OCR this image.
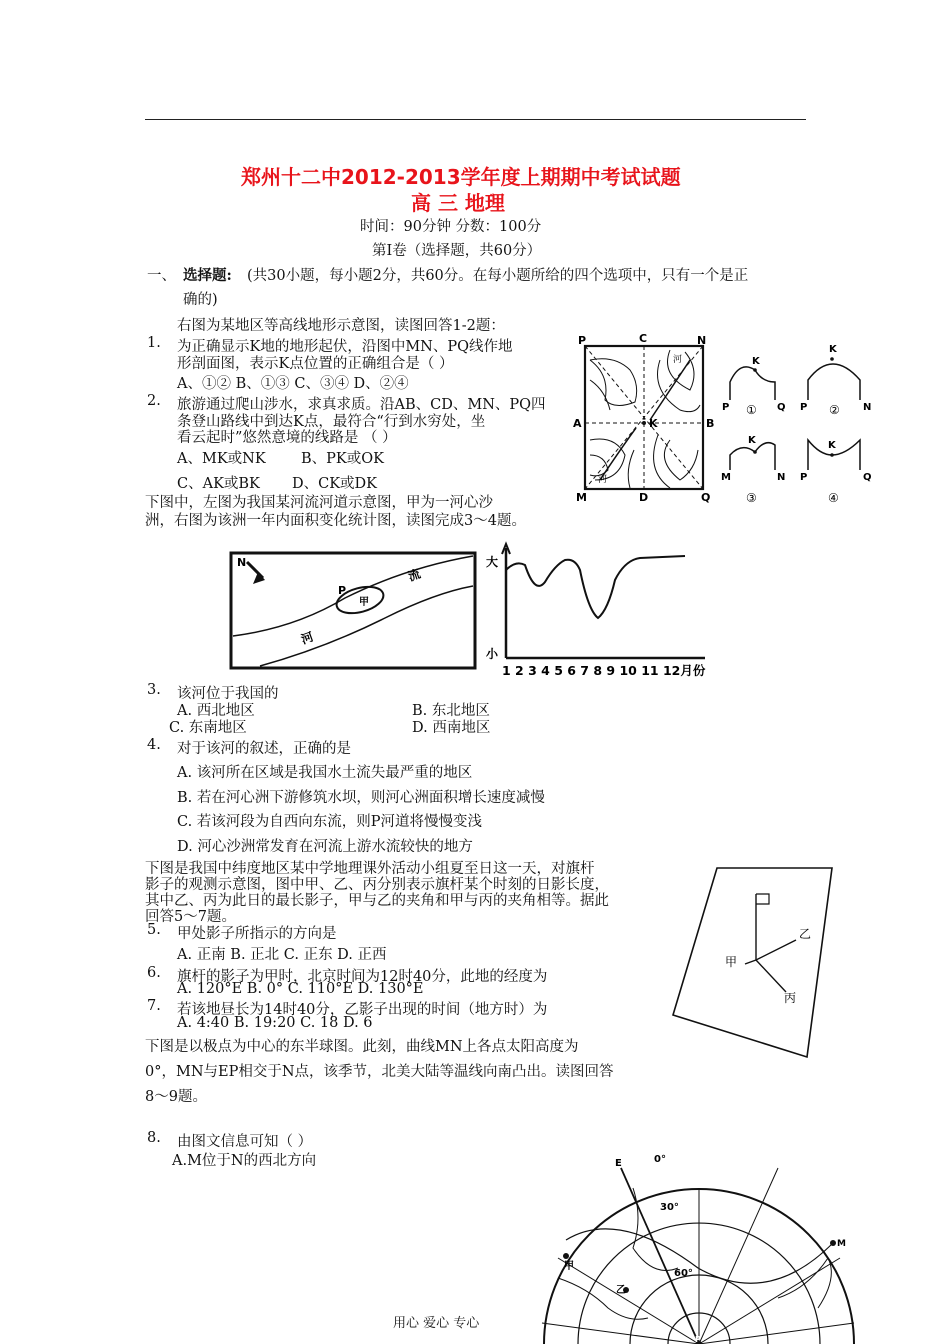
郑州十二中2012-2013学年度上期期中考试试题
高 三 地理
时间：90分钟 分数：100分
第Ⅰ卷（选择题，共60分）
一、 选择题: (共30小题，每小题2分，共60分。在每小题所给的四个选项中，只有一个是正
确的)
右图为某地区等高线地形示意图，读图回答1-2题：
1. 为正确显示K地的地形起伏，沿图中MN、PQ线作地
形剖面图，表示K点位置的正确组合是（ ）
A、①② B、①③ C、③④ D、②④
2. 旅游通过爬山涉水，求真求质。沿AB、CD、MN、PQ四
条登山路线中到达K点，最符合“行到水穷处，坐
看云起时”悠然意境的线路是 （ ）
A、MK或NK B、PK或OK
C、AK或BK D、CK或DK
P	C	N
A	K	B
M	D	Q
河
河
K
P	Q
①
K
P	N
②
K
M	N
③
K
P	Q
④
下图中，左图为我国某河流河道示意图，甲为一河心沙
洲，右图为该洲一年内面积变化统计图，读图完成3～4题。
N
P
甲
流
河
大
小
1 2 3 4 5 6 7 8 9 10 11 12月份
3. 该河位于我国的
A. 西北地区	B. 东北地区
C. 东南地区	D. 西南地区
4. 对于该河的叙述，正确的是
A. 该河所在区域是我国水土流失最严重的地区
B. 若在河心洲下游修筑水坝，则河心洲面积增长速度减慢
C. 若该河段为自西向东流，则P河道将慢慢变浅
D. 河心沙洲常发育在河流上游水流较快的地方
下图是我国中纬度地区某中学地理课外活动小组夏至日这一天，对旗杆
影子的观测示意图，图中甲、乙、丙分别表示旗杆某个时刻的日影长度，
其中乙、丙为此日的最长影子，甲与乙的夹角和甲与丙的夹角相等。据此
回答5～7题。
甲
乙
丙
5. 甲处影子所指示的方向是
A. 正南 B. 正北 C. 正东 D. 正西
6. 旗杆的影子为甲时，北京时间为12时40分，此地的经度为
A. 120°E B. 0° C. 110°E D. 130°E
7. 若该地昼长为14时40分，乙影子出现的时间（地方时）为
A. 4:40 B. 19:20 C. 18 D. 6
下图是以极点为中心的东半球图。此刻，曲线MN上各点太阳高度为
0°，MN与EP相交于N点，该季节，北美大陆等温线向南凸出。读图回答
8～9题。
8. 由图文信息可知（ ）
A.M位于N的西北方向	E	0°
30°
60°
M
甲
乙
P
用心 爱心 专心
